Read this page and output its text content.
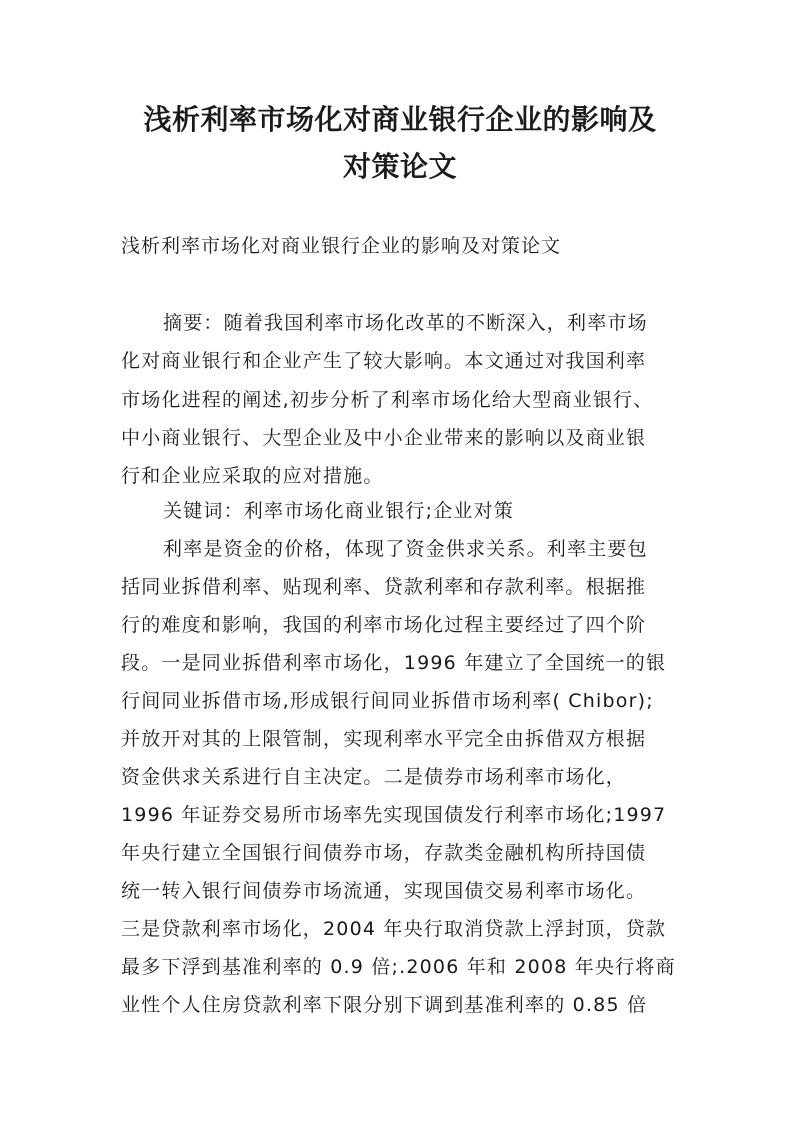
浅析利率市场化对商业银行企业的影响及
对策论文

浅析利率市场化对商业银行企业的影响及对策论文

摘要：随着我国利率市场化改革的不断深入，利率市场

化对商业银行和企业产生了较大影响。本文通过对我国利率

市场化进程的阐述,初步分析了利率市场化给大型商业银行、

中小商业银行、大型企业及中小企业带来的影响以及商业银

行和企业应采取的应对措施。

关键词：利率市场化商业银行;企业对策

利率是资金的价格，体现了资金供求关系。利率主要包

括同业拆借利率、贴现利率、贷款利率和存款利率。根据推

行的难度和影响，我国的利率市场化过程主要经过了四个阶

段。一是同业拆借利率市场化，1996 年建立了全国统一的银

行间同业拆借市场,形成银行间同业拆借市场利率( Chibor);

并放开对其的上限管制，实现利率水平完全由拆借双方根据

资金供求关系进行自主决定。二是债券市场利率市场化，

1996 年证券交易所市场率先实现国债发行利率市场化;1997

年央行建立全国银行间债券市场，存款类金融机构所持国债

统一转入银行间债券市场流通，实现国债交易利率市场化。

三是贷款利率市场化，2004 年央行取消贷款上浮封顶，贷款

最多下浮到基准利率的 0.9 倍;.2006 年和 2008 年央行将商

业性个人住房贷款利率下限分别下调到基准利率的 0.85 倍
